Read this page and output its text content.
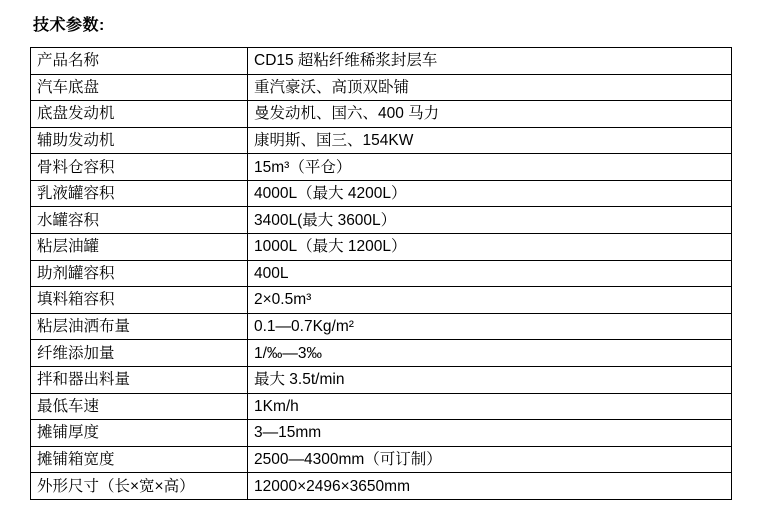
技术参数:
产品名称	CD15 超粘纤维稀浆封层车
汽车底盘	重汽豪沃、高顶双卧铺
底盘发动机	曼发动机、国六、400 马力
辅助发动机	康明斯、国三、154KW
骨料仓容积	15m³（平仓）
乳液罐容积	4000L（最大 4200L）
水罐容积	3400L(最大 3600L）
粘层油罐	1000L（最大 1200L）
助剂罐容积	400L
填料箱容积	2×0.5m³
粘层油洒布量	0.1—0.7Kg/m²
纤维添加量	1/‰—3‰
拌和器出料量	最大 3.5t/min
最低车速	1Km/h
摊铺厚度	3—15mm
摊铺箱宽度	2500—4300mm（可订制）
外形尺寸（长×宽×高）	12000×2496×3650mm
